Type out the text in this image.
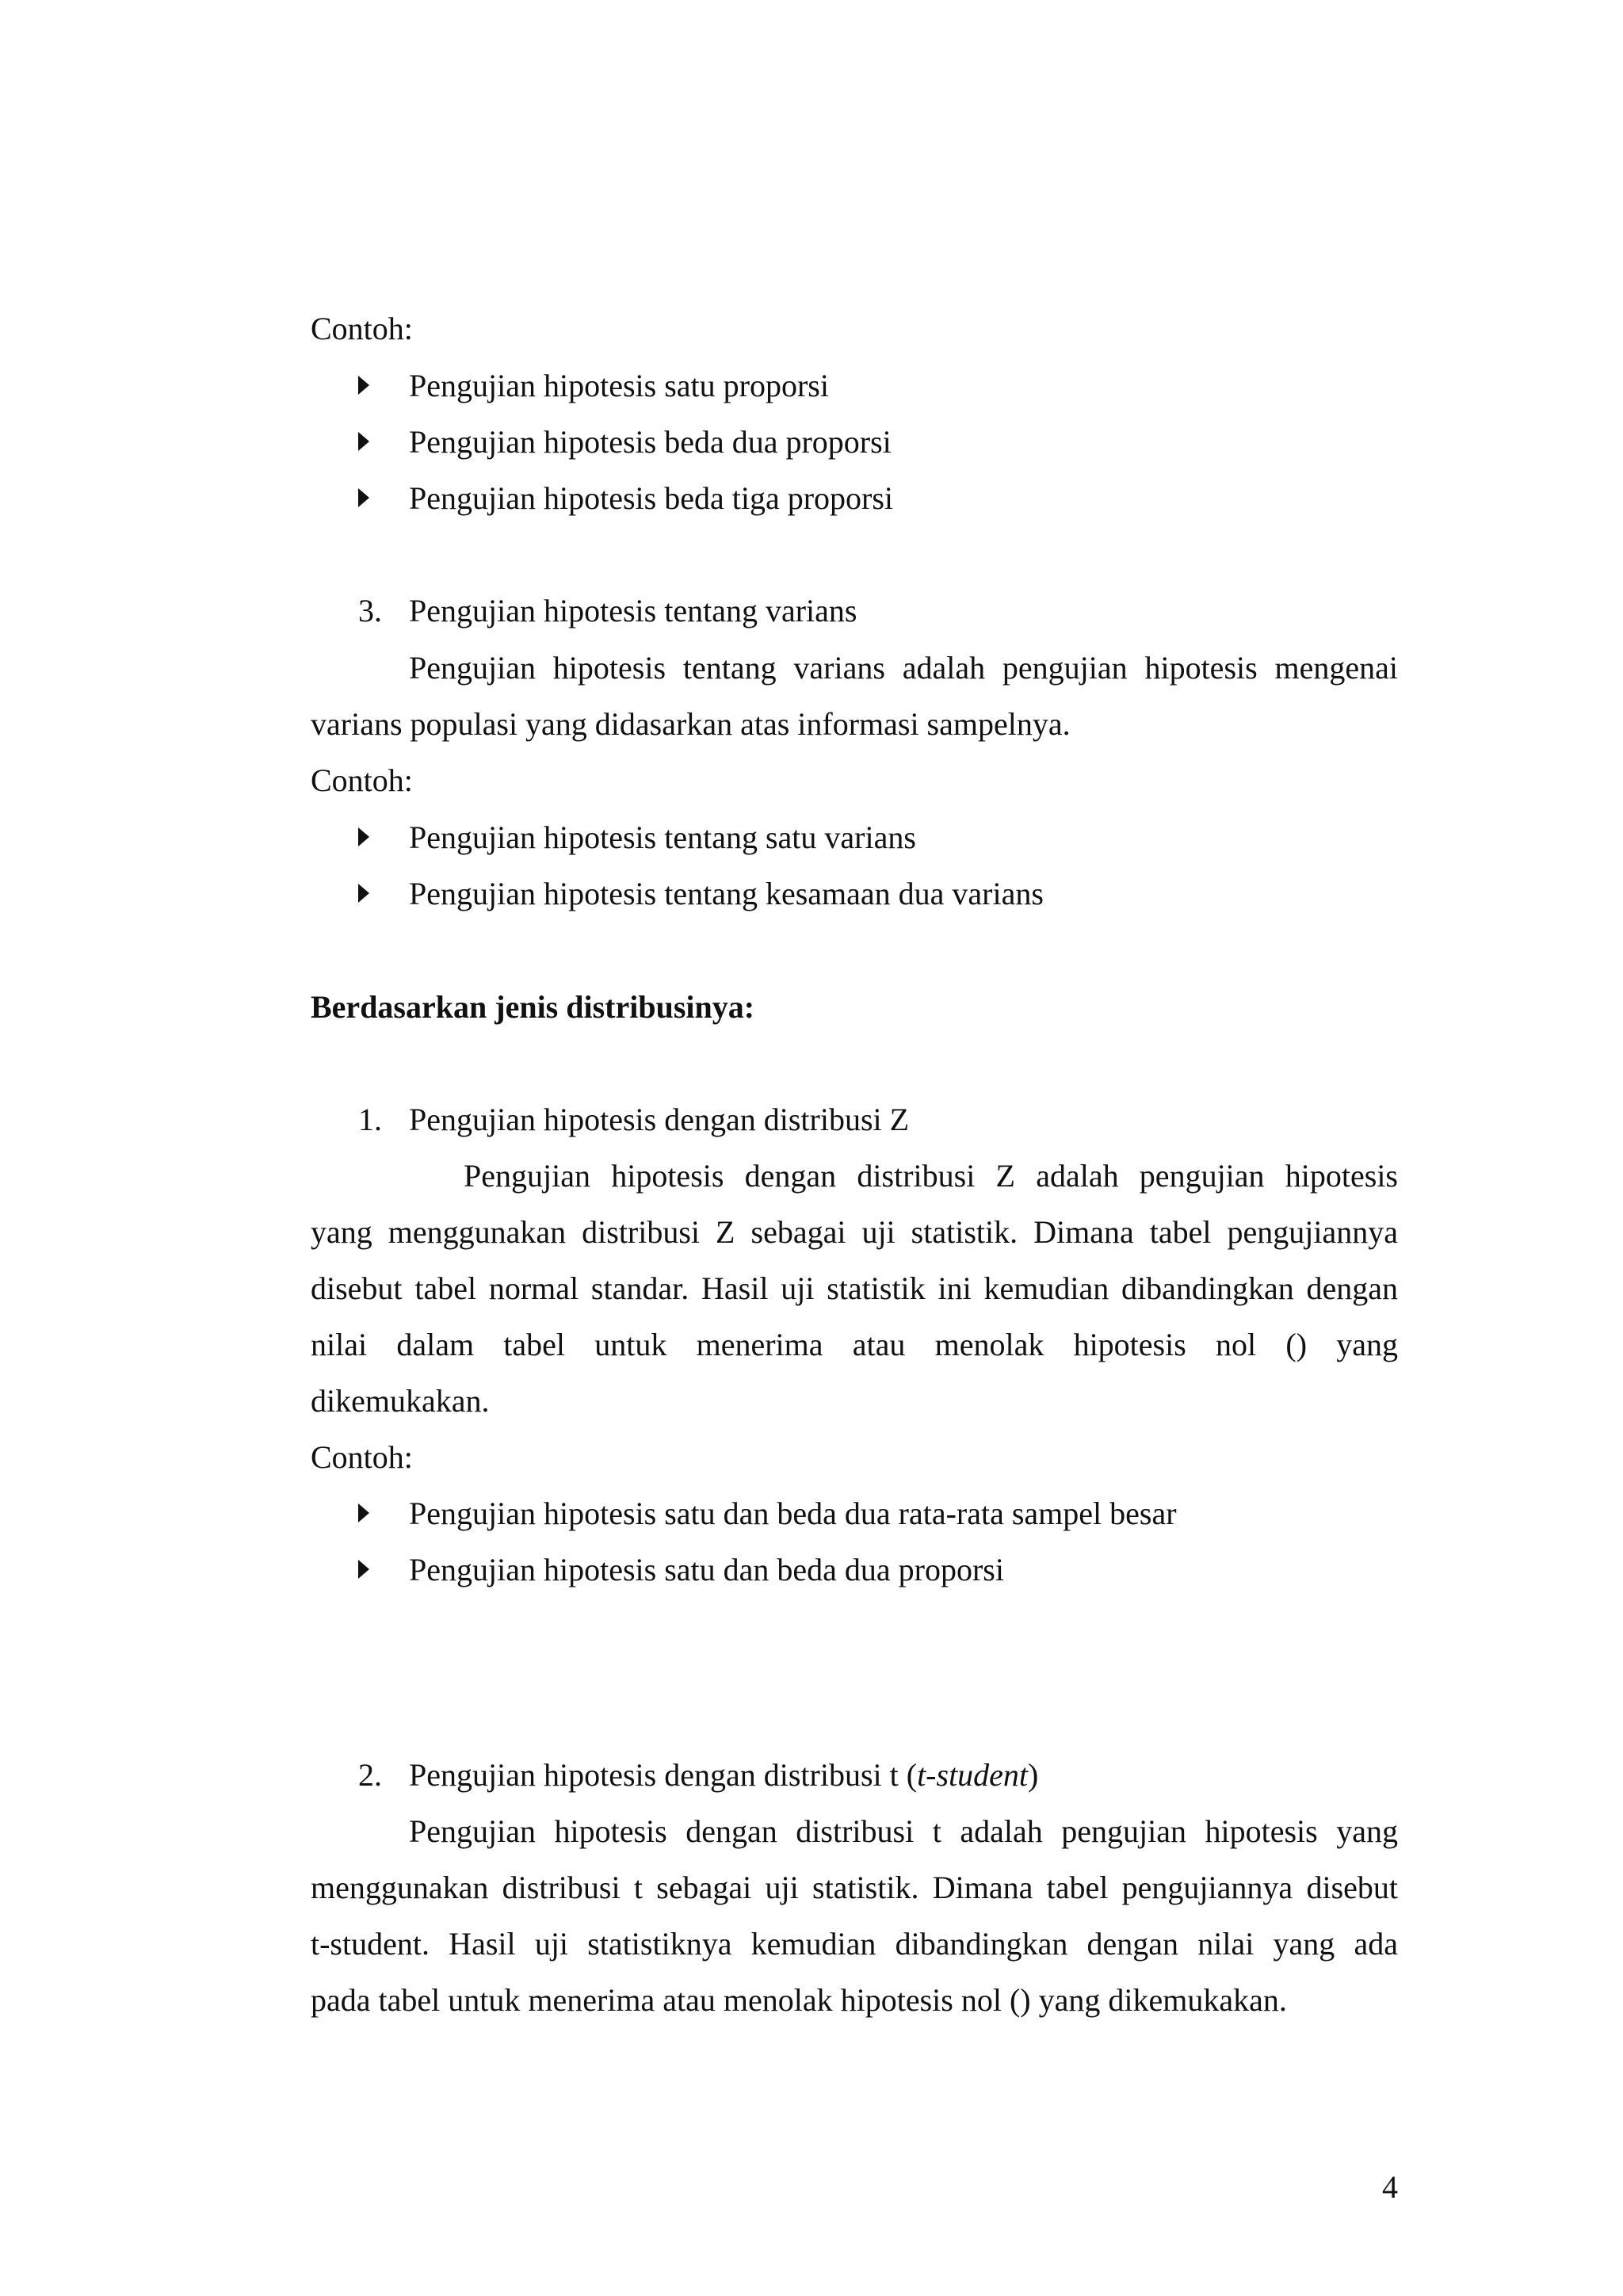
Contoh:
Pengujian hipotesis satu proporsi
Pengujian hipotesis beda dua proporsi
Pengujian hipotesis beda tiga proporsi
3. Pengujian hipotesis tentang varians
Pengujian hipotesis tentang varians adalah pengujian hipotesis mengenai
varians populasi yang didasarkan atas informasi sampelnya.
Contoh:
Pengujian hipotesis tentang satu varians
Pengujian hipotesis tentang kesamaan dua varians
Berdasarkan jenis distribusinya:
1. Pengujian hipotesis dengan distribusi Z
Pengujian hipotesis dengan distribusi Z adalah pengujian hipotesis
yang menggunakan distribusi Z sebagai uji statistik. Dimana tabel pengujiannya
disebut tabel normal standar. Hasil uji statistik ini kemudian dibandingkan dengan
nilai dalam tabel untuk menerima atau menolak hipotesis nol () yang
dikemukakan.
Contoh:
Pengujian hipotesis satu dan beda dua rata-rata sampel besar
Pengujian hipotesis satu dan beda dua proporsi
2. Pengujian hipotesis dengan distribusi t (t-student)
Pengujian hipotesis dengan distribusi t adalah pengujian hipotesis yang
menggunakan distribusi t sebagai uji statistik. Dimana tabel pengujiannya disebut
t-student. Hasil uji statistiknya kemudian dibandingkan dengan nilai yang ada
pada tabel untuk menerima atau menolak hipotesis nol () yang dikemukakan.
4
